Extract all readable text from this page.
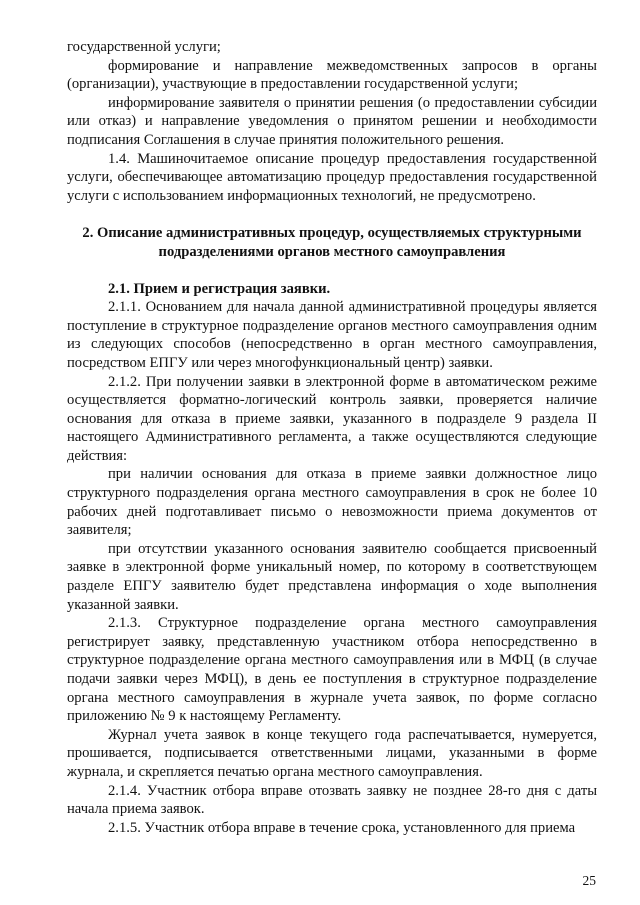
государственной услуги;

формирование и направление межведомственных запросов в органы (организации), участвующие в предоставлении государственной услуги;

информирование заявителя о принятии решения (о предоставлении субсидии или отказ) и направление уведомления о принятом решении и необходимости подписания Соглашения в случае принятия положительного решения.

1.4. Машиночитаемое описание процедур предоставления государственной услуги, обеспечивающее автоматизацию процедур предоставления государственной услуги с использованием информационных технологий, не предусмотрено.

2. Описание административных процедур, осуществляемых структурными подразделениями органов местного самоуправления

2.1. Прием и регистрация заявки.

2.1.1. Основанием для начала данной административной процедуры является поступление в структурное подразделение органов местного самоуправления одним из следующих способов (непосредственно в орган местного самоуправления, посредством ЕПГУ или через многофункциональный центр) заявки.

2.1.2. При получении заявки в электронной форме в автоматическом режиме осуществляется форматно-логический контроль заявки, проверяется наличие основания для отказа в приеме заявки, указанного в подразделе 9 раздела II настоящего Административного регламента, а также осуществляются следующие действия:

при наличии основания для отказа в приеме заявки должностное лицо структурного подразделения органа местного самоуправления в срок не более 10 рабочих дней подготавливает письмо о невозможности приема документов от заявителя;

при отсутствии указанного основания заявителю сообщается присвоенный заявке в электронной форме уникальный номер, по которому в соответствующем разделе ЕПГУ заявителю будет представлена информация о ходе выполнения указанной заявки.

2.1.3. Структурное подразделение органа местного самоуправления регистрирует заявку, представленную участником отбора непосредственно в структурное подразделение органа местного самоуправления или в МФЦ (в случае подачи заявки через МФЦ), в день ее поступления в структурное подразделение органа местного самоуправления в журнале учета заявок, по форме согласно приложению № 9 к настоящему Регламенту.

Журнал учета заявок в конце текущего года распечатывается, нумеруется, прошивается, подписывается ответственными лицами, указанными в форме журнала, и скрепляется печатью органа местного самоуправления.

2.1.4. Участник отбора вправе отозвать заявку не позднее 28-го дня с даты начала приема заявок.

2.1.5. Участник отбора вправе в течение срока, установленного для приема

25
